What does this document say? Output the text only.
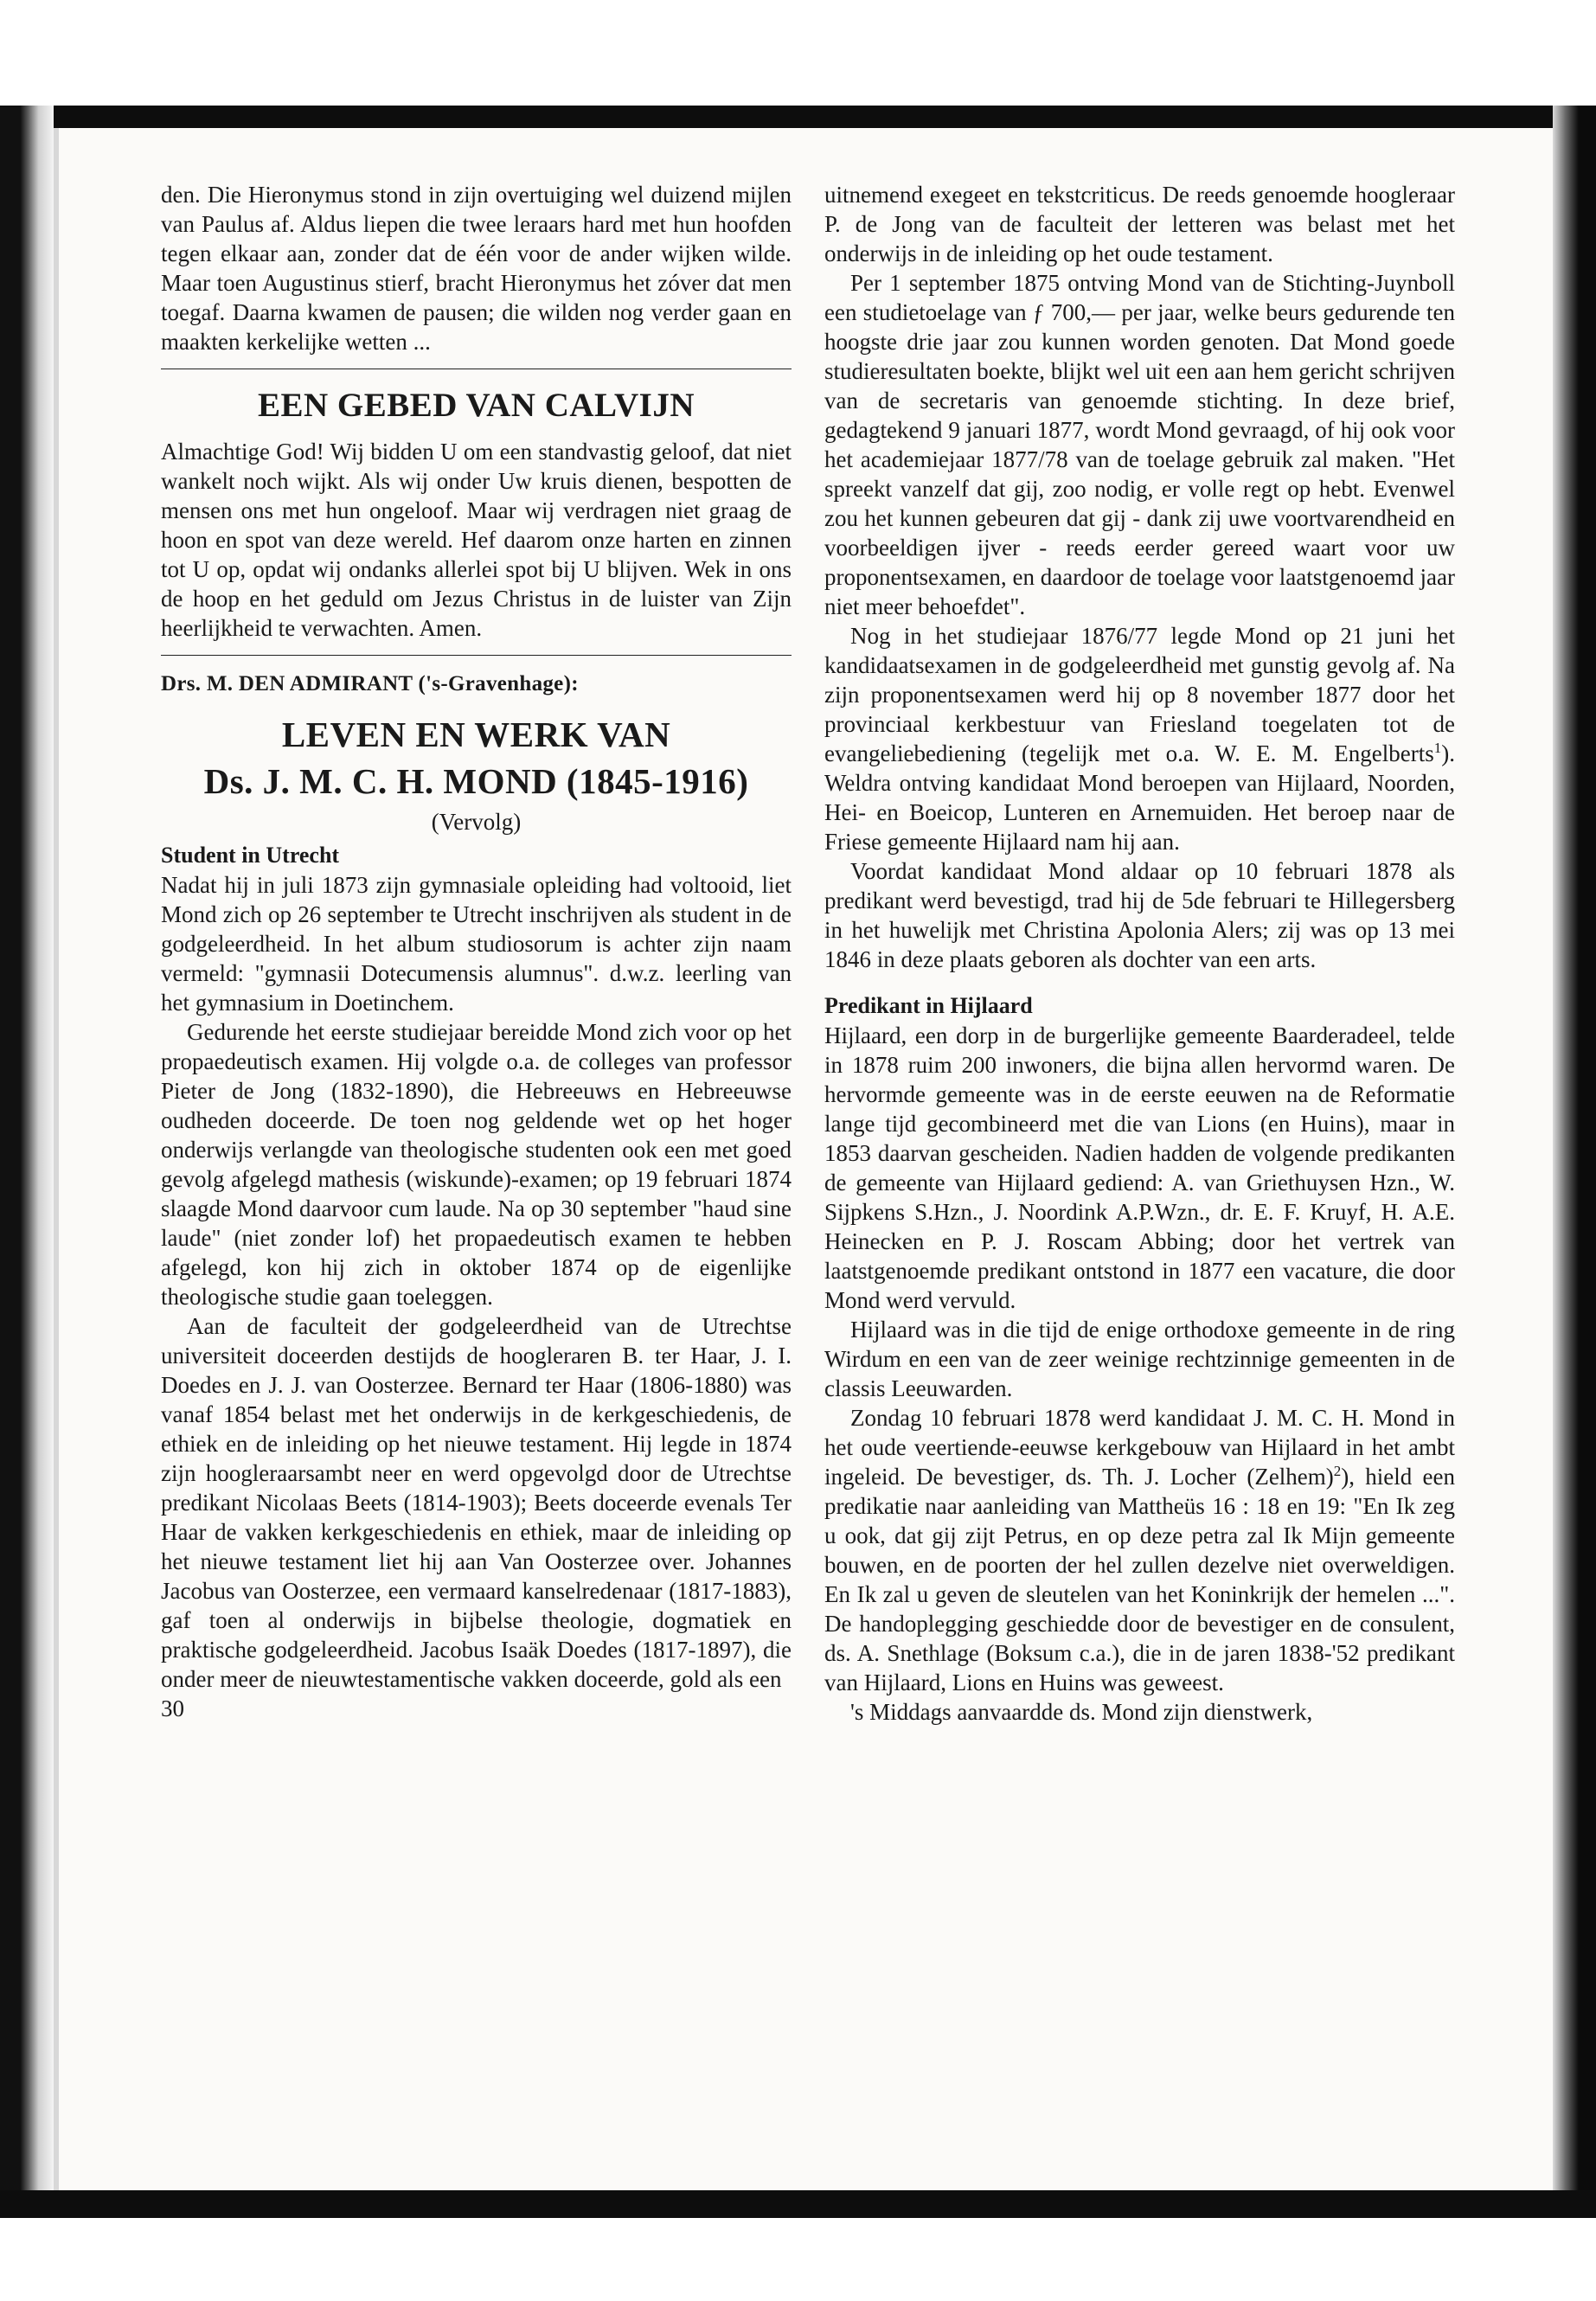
den. Die Hieronymus stond in zijn overtuiging wel duizend mijlen van Paulus af. Aldus liepen die twee leraars hard met hun hoofden tegen elkaar aan, zonder dat de één voor de ander wijken wilde. Maar toen Augustinus stierf, bracht Hieronymus het zóver dat men toegaf. Daarna kwamen de pausen; die wilden nog verder gaan en maakten kerkelijke wetten ...

EEN GEBED VAN CALVIJN

Almachtige God! Wij bidden U om een standvastig geloof, dat niet wankelt noch wijkt. Als wij onder Uw kruis dienen, bespotten de mensen ons met hun ongeloof. Maar wij verdragen niet graag de hoon en spot van deze wereld. Hef daarom onze harten en zinnen tot U op, opdat wij ondanks allerlei spot bij U blijven. Wek in ons de hoop en het geduld om Jezus Christus in de luister van Zijn heerlijkheid te verwachten. Amen.

Drs. M. DEN ADMIRANT ('s-Gravenhage):
LEVEN EN WERK VAN
Ds. J. M. C. H. MOND (1845-1916)
(Vervolg)
Student in Utrecht

Nadat hij in juli 1873 zijn gymnasiale opleiding had voltooid, liet Mond zich op 26 september te Utrecht inschrijven als student in de godgeleerdheid. In het album studiosorum is achter zijn naam vermeld: "gymnasii Dotecumensis alumnus". d.w.z. leerling van het gymnasium in Doetinchem.

Gedurende het eerste studiejaar bereidde Mond zich voor op het propaedeutisch examen. Hij volgde o.a. de colleges van professor Pieter de Jong (1832-1890), die Hebreeuws en Hebreeuwse oudheden doceerde. De toen nog geldende wet op het hoger onderwijs verlangde van theologische studenten ook een met goed gevolg afgelegd mathesis (wiskunde)-examen; op 19 februari 1874 slaagde Mond daarvoor cum laude. Na op 30 september "haud sine laude" (niet zonder lof) het propaedeutisch examen te hebben afgelegd, kon hij zich in oktober 1874 op de eigenlijke theologische studie gaan toeleggen.

Aan de faculteit der godgeleerdheid van de Utrechtse universiteit doceerden destijds de hoogleraren B. ter Haar, J. I. Doedes en J. J. van Oosterzee. Bernard ter Haar (1806-1880) was vanaf 1854 belast met het onderwijs in de kerkgeschiedenis, de ethiek en de inleiding op het nieuwe testament. Hij legde in 1874 zijn hoogleraarsambt neer en werd opgevolgd door de Utrechtse predikant Nicolaas Beets (1814-1903); Beets doceerde evenals Ter Haar de vakken kerkgeschiedenis en ethiek, maar de inleiding op het nieuwe testament liet hij aan Van Oosterzee over. Johannes Jacobus van Oosterzee, een vermaard kanselredenaar (1817-1883), gaf toen al onderwijs in bijbelse theologie, dogmatiek en praktische godgeleerdheid. Jacobus Isaäk Doedes (1817-1897), die onder meer de nieuwtestamentische vakken doceerde, gold als een

30

uitnemend exegeet en tekstcriticus. De reeds genoemde hoogleraar P. de Jong van de faculteit der letteren was belast met het onderwijs in de inleiding op het oude testament.

Per 1 september 1875 ontving Mond van de Stichting-Juynboll een studietoelage van ƒ 700,— per jaar, welke beurs gedurende ten hoogste drie jaar zou kunnen worden genoten. Dat Mond goede studieresultaten boekte, blijkt wel uit een aan hem gericht schrijven van de secretaris van genoemde stichting. In deze brief, gedagtekend 9 januari 1877, wordt Mond gevraagd, of hij ook voor het academiejaar 1877/78 van de toelage gebruik zal maken. "Het spreekt vanzelf dat gij, zoo nodig, er volle regt op hebt. Evenwel zou het kunnen gebeuren dat gij - dank zij uwe voortvarendheid en voorbeeldigen ijver - reeds eerder gereed waart voor uw proponentsexamen, en daardoor de toelage voor laatstgenoemd jaar niet meer behoefdet".

Nog in het studiejaar 1876/77 legde Mond op 21 juni het kandidaatsexamen in de godgeleerdheid met gunstig gevolg af. Na zijn proponentsexamen werd hij op 8 november 1877 door het provinciaal kerkbestuur van Friesland toegelaten tot de evangeliebediening (tegelijk met o.a. W. E. M. Engelberts$^1$). Weldra ontving kandidaat Mond beroepen van Hijlaard, Noorden, Hei- en Boeicop, Lunteren en Arnemuiden. Het beroep naar de Friese gemeente Hijlaard nam hij aan.

Voordat kandidaat Mond aldaar op 10 februari 1878 als predikant werd bevestigd, trad hij de 5de februari te Hillegersberg in het huwelijk met Christina Apolonia Alers; zij was op 13 mei 1846 in deze plaats geboren als dochter van een arts.

Predikant in Hijlaard

Hijlaard, een dorp in de burgerlijke gemeente Baarderadeel, telde in 1878 ruim 200 inwoners, die bijna allen hervormd waren. De hervormde gemeente was in de eerste eeuwen na de Reformatie lange tijd gecombineerd met die van Lions (en Huins), maar in 1853 daarvan gescheiden. Nadien hadden de volgende predikanten de gemeente van Hijlaard gediend: A. van Griethuysen Hzn., W. Sijpkens S.Hzn., J. Noordink A.P.Wzn., dr. E. F. Kruyf, H. A.E. Heinecken en P. J. Roscam Abbing; door het vertrek van laatstgenoemde predikant ontstond in 1877 een vacature, die door Mond werd vervuld.

Hijlaard was in die tijd de enige orthodoxe gemeente in de ring Wirdum en een van de zeer weinige rechtzinnige gemeenten in de classis Leeuwarden.

Zondag 10 februari 1878 werd kandidaat J. M. C. H. Mond in het oude veertiende-eeuwse kerkgebouw van Hijlaard in het ambt ingeleid. De bevestiger, ds. Th. J. Locher (Zelhem)$^2$), hield een predikatie naar aanleiding van Mattheüs 16 : 18 en 19: "En Ik zeg u ook, dat gij zijt Petrus, en op deze petra zal Ik Mijn gemeente bouwen, en de poorten der hel zullen dezelve niet overweldigen. En Ik zal u geven de sleutelen van het Koninkrijk der hemelen ...". De handoplegging geschiedde door de bevestiger en de consulent, ds. A. Snethlage (Boksum c.a.), die in de jaren 1838-'52 predikant van Hijlaard, Lions en Huins was geweest.

's Middags aanvaardde ds. Mond zijn dienstwerk,
